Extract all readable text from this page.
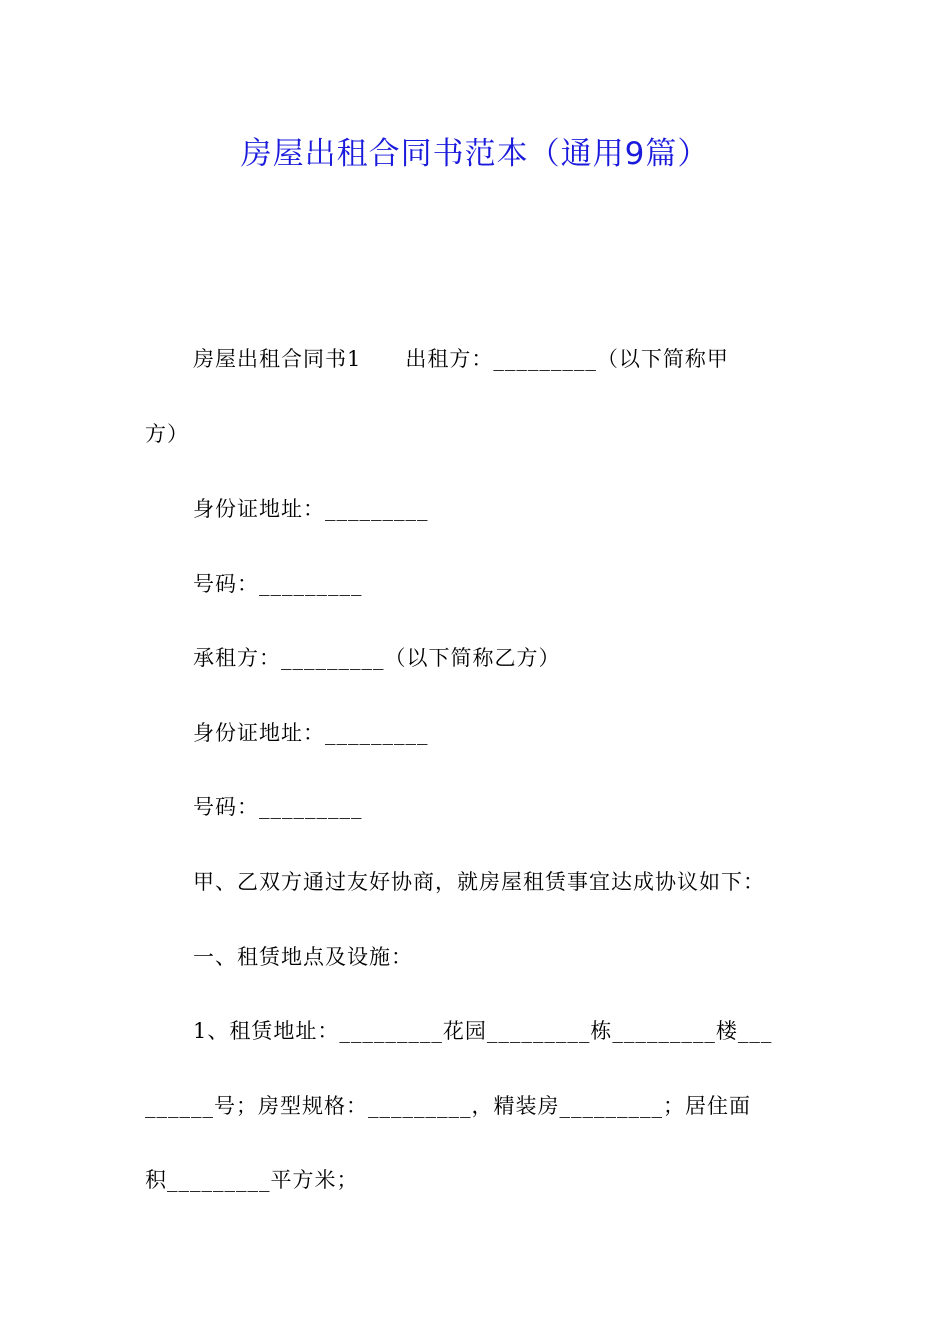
房屋出租合同书范本（通用9篇）
房屋出租合同书1　　出租方：_________（以下简称甲
方）
身份证地址：_________
号码：_________
承租方：_________（以下简称乙方）
身份证地址：_________
号码：_________
甲、乙双方通过友好协商，就房屋租赁事宜达成协议如下：
一、租赁地点及设施：
1、租赁地址：_________花园_________栋_________楼___
______号；房型规格：_________，精装房_________；居住面
积_________平方米；
